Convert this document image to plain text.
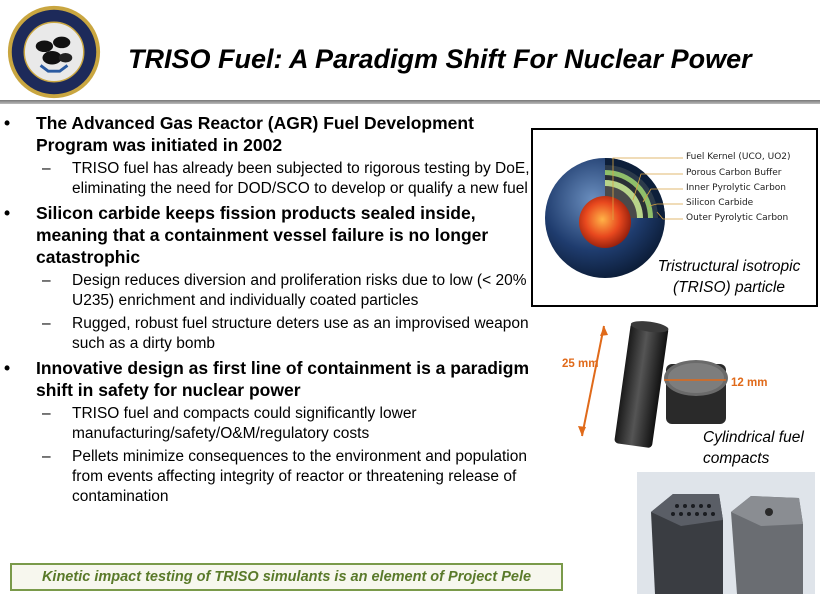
TRISO Fuel: A Paradigm Shift For Nuclear Power
• The Advanced Gas Reactor (AGR) Fuel Development Program was initiated in 2002
– TRISO fuel has already been subjected to rigorous testing by DoE, eliminating the need for DOD/SCO to develop or qualify a new fuel
• Silicon carbide keeps fission products sealed inside, meaning that a containment vessel failure is no longer catastrophic
– Design reduces diversion and proliferation risks due to low (< 20% U235) enrichment and individually coated particles
– Rugged, robust fuel structure deters use as an improvised weapon such as a dirty bomb
• Innovative design as first line of containment is a paradigm shift in safety for nuclear power
– TRISO fuel and compacts could significantly lower manufacturing/safety/O&M/regulatory costs
– Pellets minimize consequences to the environment and population from events affecting integrity of reactor or threatening release of contamination
Fuel Kernel (UCO, UO2)
Porous Carbon Buffer
Inner Pyrolytic Carbon
Silicon Carbide
Outer Pyrolytic Carbon
Tristructural isotropic
(TRISO) particle
25 mm
12 mm
Cylindrical fuel
compacts
Kinetic impact testing of TRISO simulants is an element of Project Pele
